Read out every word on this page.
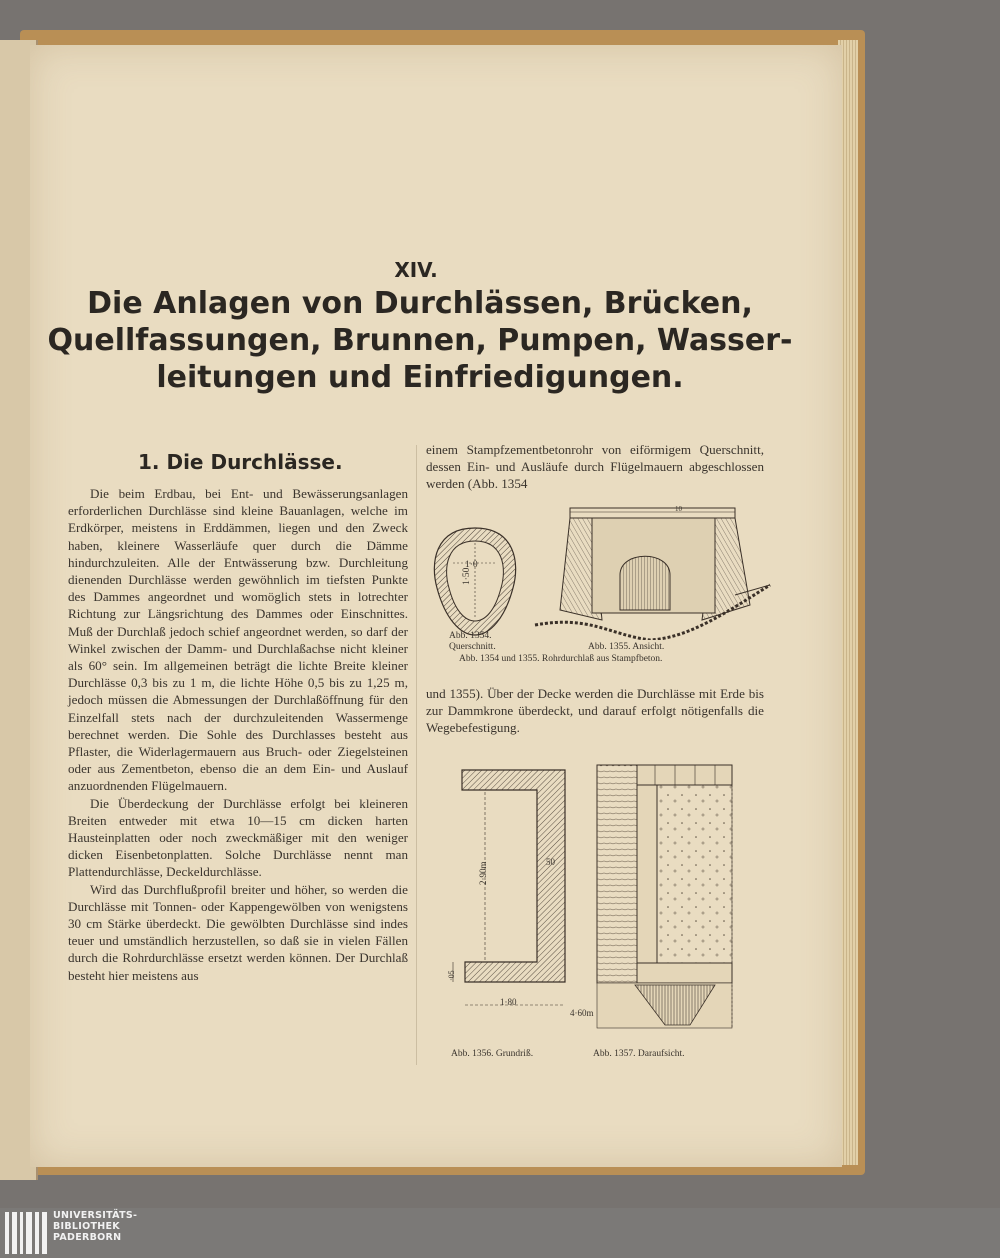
XIV.
Die Anlagen von Durchlässen, Brücken,
Quellfassungen, Brunnen, Pumpen, Wasser-
leitungen und Einfriedigungen.
1. Die Durchlässe.

Die beim Erdbau, bei Ent- und Bewässerungsanlagen erforderlichen Durchlässe sind kleine Bauanlagen, welche im Erdkörper, meistens in Erddämmen, liegen und den Zweck haben, kleinere Wasserläufe quer durch die Dämme hindurchzuleiten. Alle der Entwässerung bzw. Durchleitung dienenden Durchlässe werden gewöhnlich im tiefsten Punkte des Dammes angeordnet und womöglich stets in lotrechter Richtung zur Längsrichtung des Dammes oder Einschnittes. Muß der Durchlaß jedoch schief angeordnet werden, so darf der Winkel zwischen der Damm- und Durchlaßachse nicht kleiner als 60° sein. Im allgemeinen beträgt die lichte Breite kleiner Durchlässe 0,3 bis zu 1 m, die lichte Höhe 0,5 bis zu 1,25 m, jedoch müssen die Abmessungen der Durchlaßöffnung für den Einzelfall stets nach der durchzuleitenden Wassermenge berechnet werden. Die Sohle des Durchlasses besteht aus Pflaster, die Widerlagermauern aus Bruch- oder Ziegelsteinen oder aus Zementbeton, ebenso die an dem Ein- und Auslauf anzuordnenden Flügelmauern.

Die Überdeckung der Durchlässe erfolgt bei kleineren Breiten entweder mit etwa 10—15 cm dicken harten Hausteinplatten oder noch zweckmäßiger mit den weniger dicken Eisenbetonplatten. Solche Durchlässe nennt man Plattendurchlässe, Deckeldurchlässe.

Wird das Durchflußprofil breiter und höher, so werden die Durchlässe mit Tonnen- oder Kappengewölben von wenigstens 30 cm Stärke überdeckt. Die gewölbten Durchlässe sind indes teuer und umständlich herzustellen, so daß sie in vielen Fällen durch die Rohrdurchlässe ersetzt werden können. Der Durchlaß besteht hier meistens aus

einem Stampfzementbetonrohr von eiförmigem Querschnitt, dessen Ein- und Ausläufe durch Flügelmauern abgeschlossen werden (Abb. 1354
1·0
1·50
10
Abb. 1354.
Querschnitt.	Abb. 1355. Ansicht.
Abb. 1354 und 1355. Rohrdurchlaß aus Stampfbeton.
und 1355). Über der Decke werden die Durchlässe mit Erde bis zur Dammkrone überdeckt, und darauf erfolgt nötigenfalls die Wegebefestigung.
2·90m	50
1·80
·05
4·60m
Abb. 1356. Grundriß.	Abb. 1357. Daraufsicht.
UNIVERSITÄTS-
BIBLIOTHEK
PADERBORN
